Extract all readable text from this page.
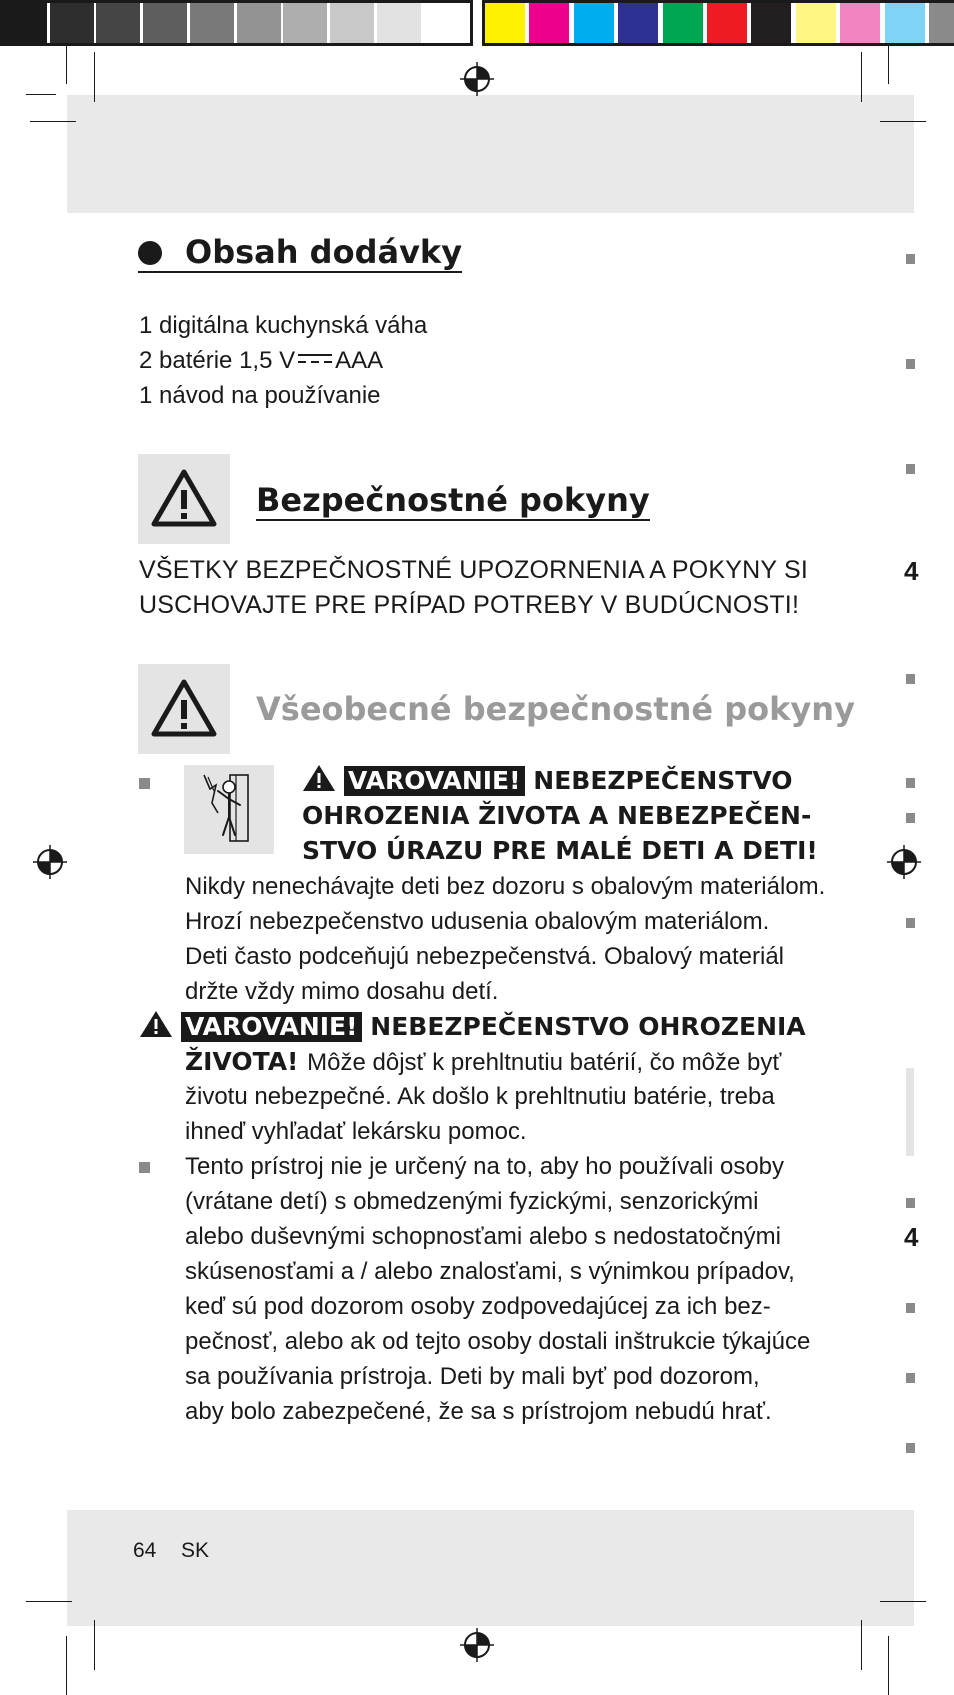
4
4
Obsah dodávky
1 digitálna kuchynská váha
2 batérie 1,5 V AAA
1 návod na používanie
Bezpečnostné pokyny
VŠETKY BEZPEČNOSTNÉ UPOZORNENIA A POKYNY SI
USCHOVAJTE PRE PRÍPAD POTREBY V BUDÚCNOSTI!
Všeobecné bezpečnostné pokyny
VAROVANIE! NEBEZPEČENSTVO
OHROZENIA ŽIVOTA A NEBEZPEČEN-
STVO ÚRAZU PRE MALÉ DETI A DETI!
Nikdy nenechávajte deti bez dozoru s obalovým materiálom.
Hrozí nebezpečenstvo udusenia obalovým materiálom.
Deti často podceňujú nebezpečenstvá. Obalový materiál
držte vždy mimo dosahu detí.
VAROVANIE! NEBEZPEČENSTVO OHROZENIA
ŽIVOTA! Môže dôjsť k prehltnutiu batérií, čo môže byť
životu nebezpečné. Ak došlo k prehltnutiu batérie, treba
ihneď vyhľadať lekársku pomoc.
Tento prístroj nie je určený na to, aby ho používali osoby
(vrátane detí) s obmedzenými fyzickými, senzorickými
alebo duševnými schopnosťami alebo s nedostatočnými
skúsenosťami a / alebo znalosťami, s výnimkou prípadov,
keď sú pod dozorom osoby zodpovedajúcej za ich bez-
pečnosť, alebo ak od tejto osoby dostali inštrukcie týkajúce
sa používania prístroja. Deti by mali byť pod dozorom,
aby bolo zabezpečené, že sa s prístrojom nebudú hrať.
64 SK
